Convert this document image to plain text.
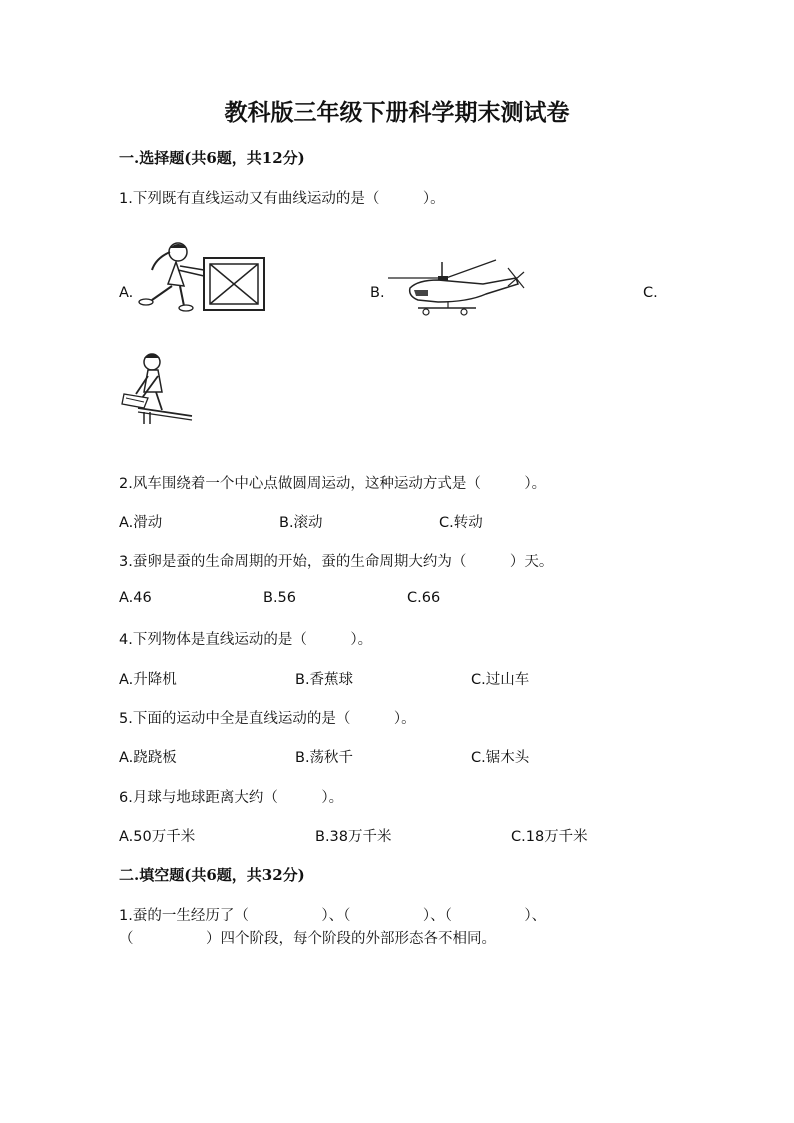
教科版三年级下册科学期末测试卷
一.选择题(共6题，共12分)
1.下列既有直线运动又有曲线运动的是（　　　）。
A.	B.	C.
2.风车围绕着一个中心点做圆周运动，这种运动方式是（　　　）。
A.滑动	B.滚动	C.转动
3.蚕卵是蚕的生命周期的开始，蚕的生命周期大约为（　　　）天。
A.46	B.56	C.66
4.下列物体是直线运动的是（　　　）。
A.升降机	B.香蕉球	C.过山车
5.下面的运动中全是直线运动的是（　　　）。
A.跷跷板	B.荡秋千	C.锯木头
6.月球与地球距离大约（　　　）。
A.50万千米	B.38万千米	C.18万千米
二.填空题(共6题，共32分)
1.蚕的一生经历了（　　　　　）、（　　　　　）、（　　　　　）、
（　　　　　）四个阶段，每个阶段的外部形态各不相同。
